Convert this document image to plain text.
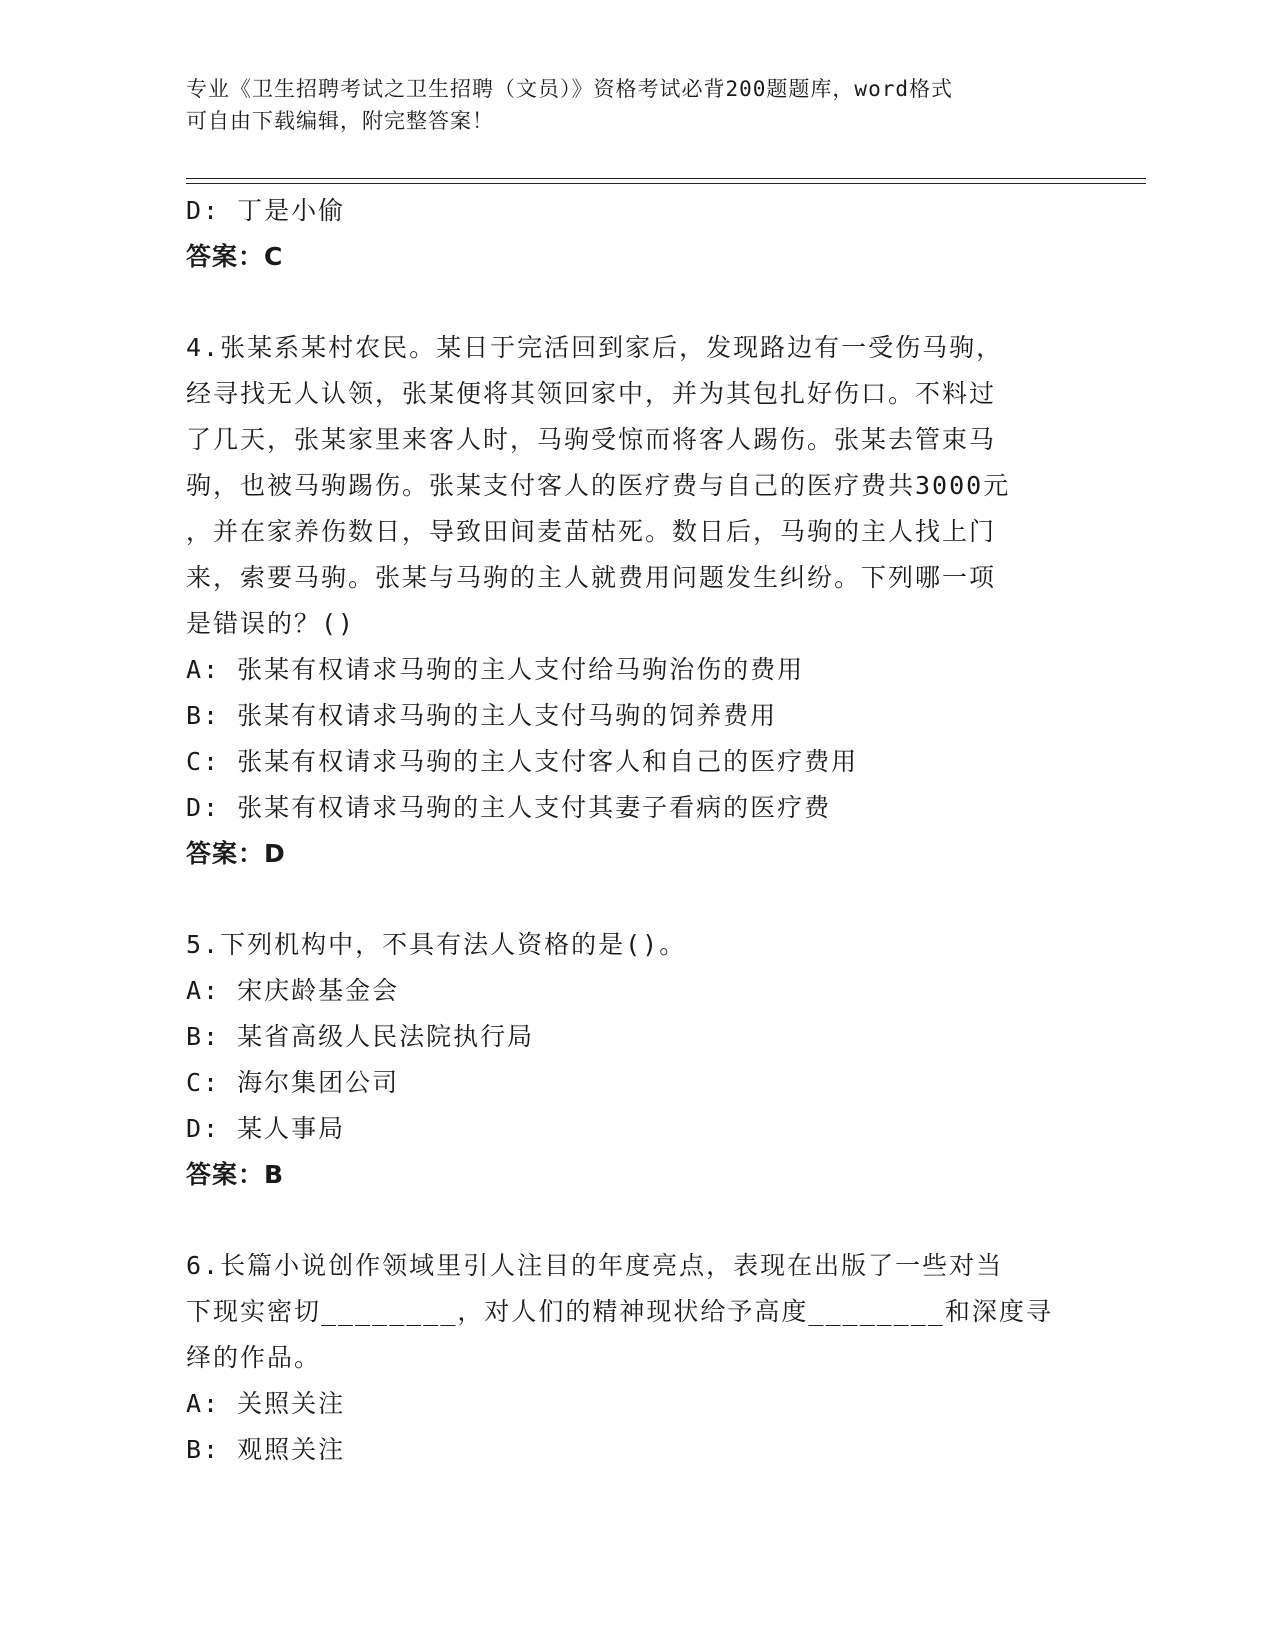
专业《卫生招聘考试之卫生招聘（文员）》资格考试必背200题题库，word格式
可自由下载编辑，附完整答案！
D: 丁是小偷
答案：C
4.张某系某村农民。某日于完活回到家后，发现路边有一受伤马驹，
经寻找无人认领，张某便将其领回家中，并为其包扎好伤口。不料过
了几天，张某家里来客人时，马驹受惊而将客人踢伤。张某去管束马
驹，也被马驹踢伤。张某支付客人的医疗费与自己的医疗费共3000元
，并在家养伤数日，导致田间麦苗枯死。数日后，马驹的主人找上门
来，索要马驹。张某与马驹的主人就费用问题发生纠纷。下列哪一项
是错误的？()
A: 张某有权请求马驹的主人支付给马驹治伤的费用
B: 张某有权请求马驹的主人支付马驹的饲养费用
C: 张某有权请求马驹的主人支付客人和自己的医疗费用
D: 张某有权请求马驹的主人支付其妻子看病的医疗费
答案：D
5.下列机构中，不具有法人资格的是()。
A: 宋庆龄基金会
B: 某省高级人民法院执行局
C: 海尔集团公司
D: 某人事局
答案：B
6.长篇小说创作领域里引人注目的年度亮点，表现在出版了一些对当
下现实密切________，对人们的精神现状给予高度________和深度寻
绎的作品。
A: 关照关注
B: 观照关注
